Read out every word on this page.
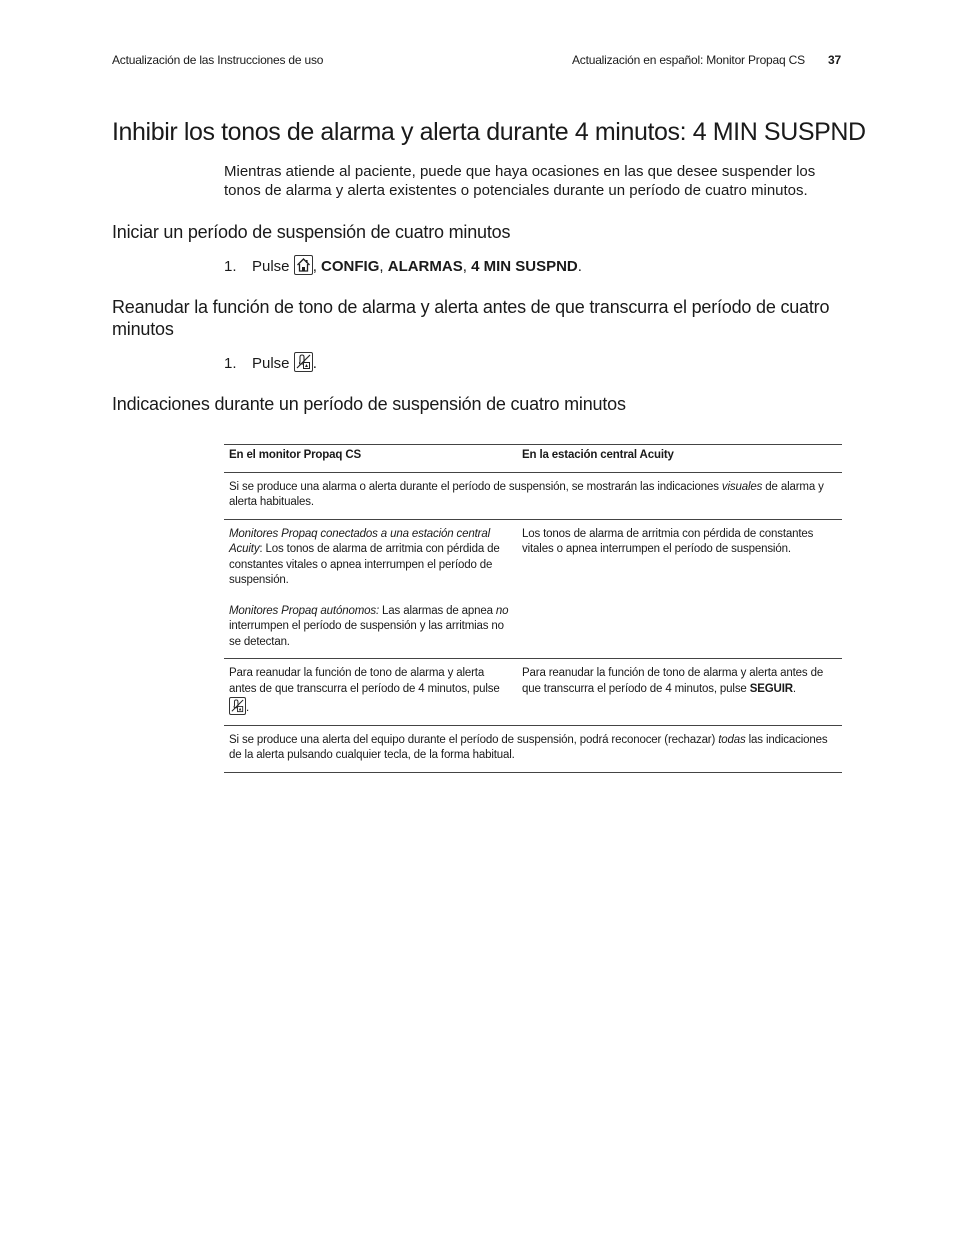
Actualización de las Instrucciones de uso	Actualización en español: Monitor Propaq CS 37
Inhibir los tonos de alarma y alerta durante 4 minutos: 4 MIN SUSPND

Mientras atiende al paciente, puede que haya ocasiones en las que desee suspender los tonos de alarma y alerta existentes o potenciales durante un período de cuatro minutos.

Iniciar un período de suspensión de cuatro minutos
1. Pulse , CONFIG, ALARMAS, 4 MIN SUSPND.
Reanudar la función de tono de alarma y alerta antes de que transcurra el período de cuatro minutos
1. Pulse .
Indicaciones durante un período de suspensión de cuatro minutos
En el monitor Propaq CS	En la estación central Acuity
Si se produce una alarma o alerta durante el período de suspensión, se mostrarán las indicaciones visuales de alarma y alerta habituales.	
Monitores Propaq conectados a una estación central Acuity: Los tonos de alarma de arritmia con pérdida de constantes vitales o apnea interrumpen el período de suspensión.
Monitores Propaq autónomos: Las alarmas de apnea no interrumpen el período de suspensión y las arritmias no se detectan.	Los tonos de alarma de arritmia con pérdida de constantes vitales o apnea interrumpen el período de suspensión.
Para reanudar la función de tono de alarma y alerta antes de que transcurra el período de 4 minutos, pulse
.	Para reanudar la función de tono de alarma y alerta antes de que transcurra el período de 4 minutos, pulse SEGUIR.
Si se produce una alerta del equipo durante el período de suspensión, podrá reconocer (rechazar) todas las indicaciones de la alerta pulsando cualquier tecla, de la forma habitual.	
